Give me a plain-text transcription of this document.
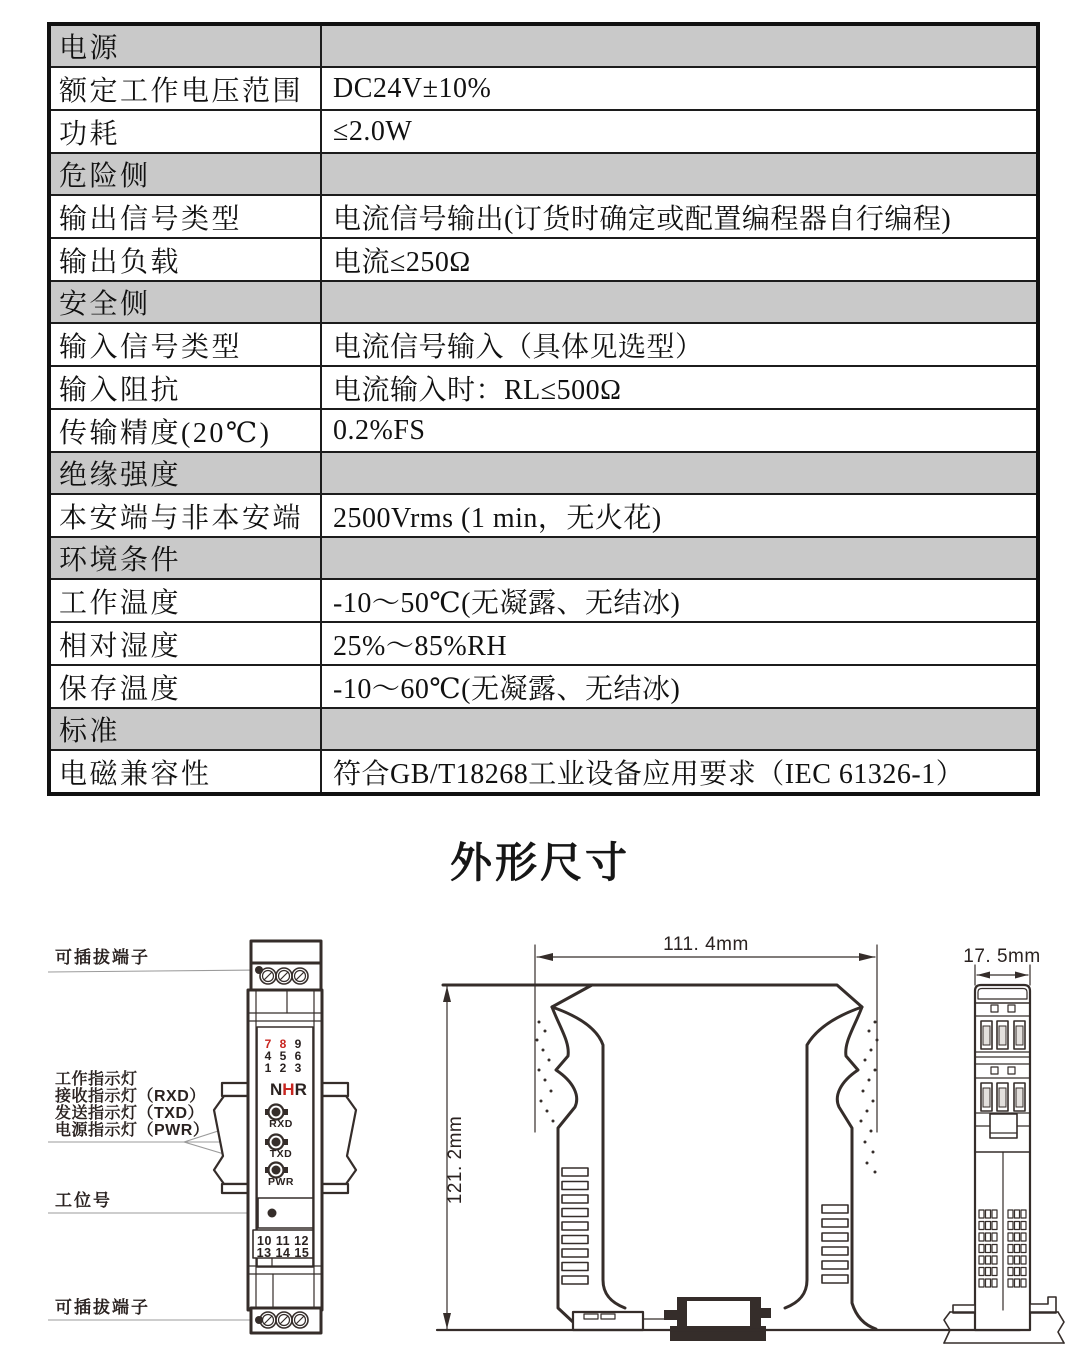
电源	
额定工作电压范围	DC24V±10%
功耗	≤2.0W
危险侧	
输出信号类型	电流信号输出(订货时确定或配置编程器自行编程)
输出负载	电流≤250Ω
安全侧	
输入信号类型	电流信号输入（具体见选型）
输入阻抗	电流输入时：RL≤500Ω
传输精度(20℃)	0.2%FS
绝缘强度	
本安端与非本安端	2500Vrms (1 min，无火花)
环境条件	
工作温度	-10～50℃(无凝露、无结冰)
相对湿度	25%～85%RH
保存温度	-10～60℃(无凝露、无结冰)
标准	
电磁兼容性	符合GB/T18268工业设备应用要求（IEC 61326-1）
外形尺寸
7 8 9
4 5 6
1 2 3
NHR
RXD
TXD
PWR
10 11 12
13 14 15
可插拔端子
工作指示灯
接收指示灯（RXD）
发送指示灯（TXD）
电源指示灯（PWR）
工位号
可插拔端子
111. 4mm
121. 2mm
17. 5mm
